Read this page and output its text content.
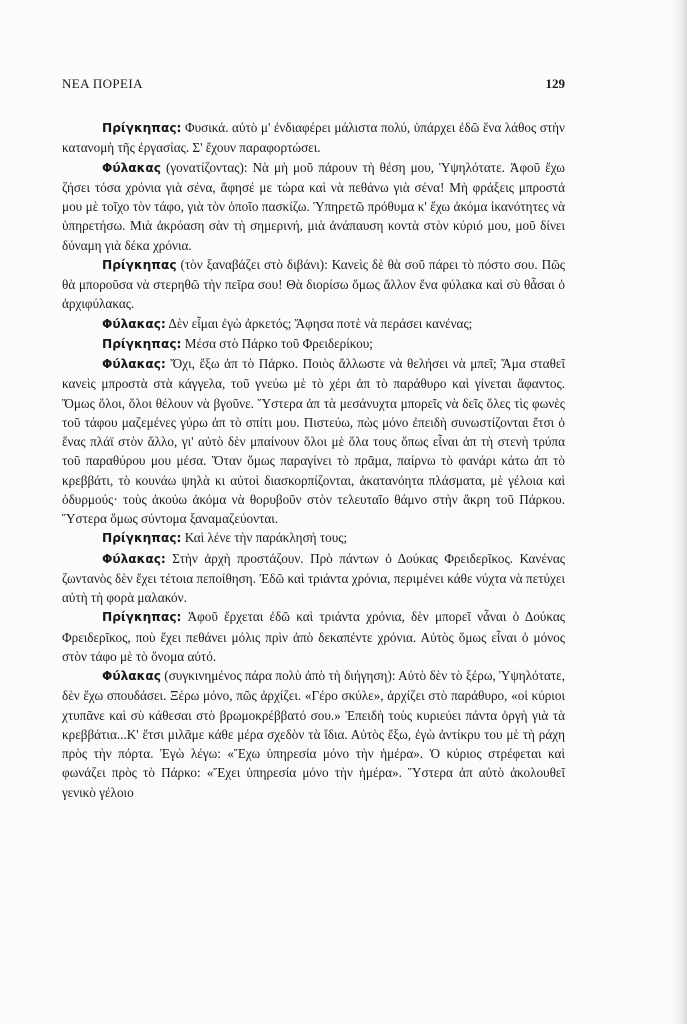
ΝΕΑ ΠΟΡΕΙΑ	129

Πρίγκηπας: Φυσικά. αὐτὸ μ' ἐνδιαφέρει μάλιστα πολύ, ὑπάρχει ἐδῶ ἕνα λάθος στὴν κατανομὴ τῆς ἐργασίας. Σ' ἔχουν παραφορτώσει.

Φύλακας (γονατίζοντας): Νὰ μὴ μοῦ πάρουν τὴ θέση μου, Ὑψηλότατε. Ἀφοῦ ἔχω ζήσει τόσα χρόνια γιὰ σένα, ἄφησέ με τώρα καὶ νὰ πεθάνω γιὰ σένα! Μὴ φράξεις μπροστά μου μὲ τοῖχο τὸν τάφο, γιὰ τὸν ὁποῖο πασκίζω. Ὑπηρετῶ πρόθυμα κ' ἔχω ἀκόμα ἱκανότητες νὰ ὑπηρετήσω. Μιὰ ἀκρόαση σὰν τὴ σημερινή, μιὰ ἀνάπαυση κοντὰ στὸν κύριό μου, μοῦ δίνει δύναμη γιὰ δέκα χρόνια.

Πρίγκηπας (τὸν ξαναβάζει στὸ διβάνι): Κανεὶς δὲ θὰ σοῦ πάρει τὸ πόστο σου. Πῶς θὰ μποροῦσα νὰ στερηθῶ τὴν πεῖρα σου! Θὰ διορίσω ὅμως ἄλλον ἕνα φύλακα καὶ σὺ θἆσαι ὁ ἀρχιφύλακας.

Φύλακας: Δὲν εἶμαι ἐγὼ ἀρκετός; Ἄφησα ποτὲ νὰ περάσει κανένας;

Πρίγκηπας: Μέσα στὸ Πάρκο τοῦ Φρειδερίκου;

Φύλακας: Ὄχι, ἔξω ἀπ τὸ Πάρκο. Ποιὸς ἄλλωστε νὰ θελήσει νὰ μπεῖ; Ἅμα σταθεῖ κανεὶς μπροστὰ στὰ κάγγελα, τοῦ γνεύω μὲ τὸ χέρι ἀπ τὸ παράθυρο καὶ γίνεται ἄφαντος. Ὅμως ὅλοι, ὅλοι θέλουν νὰ βγοῦνε. Ὕστερα ἀπ τὰ μεσάνυχτα μπορεῖς νὰ δεῖς ὅλες τὶς φωνὲς τοῦ τάφου μαζεμένες γύρω ἀπ τὸ σπίτι μου. Πιστεύω, πὼς μόνο ἐπειδὴ συνωστίζονται ἔτσι ὁ ἕνας πλάϊ στὸν ἄλλο, γι' αὐτὸ δὲν μπαίνουν ὅλοι μὲ ὅλα τους ὅπως εἶναι ἀπ τὴ στενὴ τρύπα τοῦ παραθύρου μου μέσα. Ὅταν ὅμως παραγίνει τὸ πρᾶμα, παίρνω τὸ φανάρι κάτω ἀπ τὸ κρεββάτι, τὸ κουνάω ψηλὰ κι αὐτοὶ διασκορπίζονται, ἀκατανόητα πλάσματα, μὲ γέλοια καὶ ὀδυρμούς· τοὺς ἀκούω ἀκόμα νὰ θορυβοῦν στὸν τελευταῖο θάμνο στὴν ἄκρη τοῦ Πάρκου. Ὕστερα ὅμως σύντομα ξαναμαζεύονται.

Πρίγκηπας: Καὶ λένε τὴν παράκλησή τους;

Φύλακας: Στὴν ἀρχὴ προστάζουν. Πρὸ πάντων ὁ Δούκας Φρειδερῖκος. Κανένας ζωντανὸς δὲν ἔχει τέτοια πεποίθηση. Ἐδῶ καὶ τριάντα χρόνια, περιμένει κάθε νύχτα νὰ πετύχει αὐτὴ τὴ φορὰ μαλακόν.

Πρίγκηπας: Ἀφοῦ ἔρχεται ἐδῶ καὶ τριάντα χρόνια, δὲν μπορεῖ νἆναι ὁ Δούκας Φρειδερῖκος, ποὺ ἔχει πεθάνει μόλις πρὶν ἀπὸ δεκαπέντε χρόνια. Αὐτὸς ὅμως εἶναι ὁ μόνος στὸν τάφο μὲ τὸ ὄνομα αὐτό.

Φύλακας (συγκινημένος πάρα πολὺ ἀπὸ τὴ διήγηση): Αὐτὸ δὲν τὸ ξέρω, Ὑψηλότατε, δὲν ἔχω σπουδάσει. Ξέρω μόνο, πῶς ἀρχίζει. «Γέρο σκύλε», ἀρχίζει στὸ παράθυρο, «οἱ κύριοι χτυπᾶνε καὶ σὺ κάθεσαι στὸ βρωμοκρέββατό σου.» Ἐπειδὴ τοὺς κυριεύει πάντα ὀργὴ γιὰ τὰ κρεββάτια...Κ' ἔτσι μιλᾶμε κάθε μέρα σχεδὸν τὰ ἴδια. Αὐτὸς ἔξω, ἐγὼ ἀντίκρυ του μὲ τὴ ράχη πρὸς τὴν πόρτα. Ἐγὼ λέγω: «Ἔχω ὑπηρεσία μόνο τὴν ἡμέρα». Ὁ κύριος στρέφεται καὶ φωνάζει πρὸς τὸ Πάρκο: «Ἔχει ὑπηρεσία μόνο τὴν ἡμέρα». Ὕστερα ἀπ αὐτὸ ἀκολουθεῖ γενικὸ γέλοιο
